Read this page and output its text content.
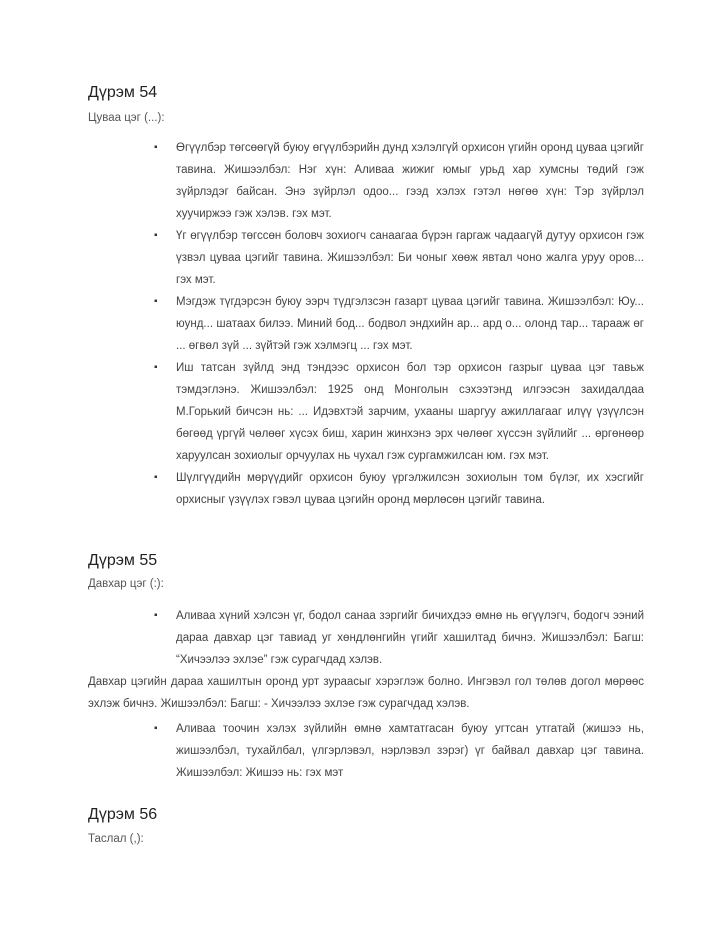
Дүрэм 54
Цуваа цэг (...):
▪ Өгүүлбэр төгсөөгүй буюу өгүүлбэрийн дунд хэлэлгүй орхисон үгийн оронд цуваа цэгийг тавина. Жишээлбэл: Нэг хүн: Аливаа жижиг юмыг урьд хар хумсны төдий гэж зүйрлэдэг байсан. Энэ зүйрлэл одоо... гээд хэлэх гэтэл нөгөө хүн: Тэр зүйрлэл хуучиржээ гэж хэлэв. гэх мэт.
▪ Үг өгүүлбэр төгссөн боловч зохиогч санаагаа бүрэн гаргаж чадаагүй дутуу орхисон гэж үзвэл цуваа цэгийг тавина. Жишээлбэл: Би чоныг хөөж явтал чоно жалга уруу оров... гэх мэт.
▪ Мэгдэж түгдэрсэн буюу ээрч түдгэлзсэн газарт цуваа цэгийг тавина. Жишээлбэл: Юу... юунд... шатаах билээ. Миний бод... бодвол эндхийн ар... ард о... олонд тар... тарааж өг ... өгвөл зүй ... зүйтэй гэж хэлмэгц ... гэх мэт.
▪ Иш татсан зүйлд энд тэндээс орхисон бол тэр орхисон газрыг цуваа цэг тавьж тэмдэглэнэ. Жишээлбэл: 1925 онд Монголын сэхээтэнд илгээсэн захидалдаа М.Горький бичсэн нь: ... Идэвхтэй зарчим, ухааны шаргуу ажиллагааг илүү үзүүлсэн бөгөөд үргүй чөлөөг хүсэх биш, харин жинхэнэ эрх чөлөөг хүссэн зүйлийг ... өргөнөөр харуулсан зохиолыг орчуулах нь чухал гэж сургамжилсан юм. гэх мэт.
▪ Шүлгүүдийн мөрүүдийг орхисон буюу үргэлжилсэн зохиолын том бүлэг, их хэсгийг орхисныг үзүүлэх гэвэл цуваа цэгийн оронд мөрлөсөн цэгийг тавина.
Дүрэм 55
Давхар цэг (:):
▪ Аливаа хүний хэлсэн үг, бодол санаа зэргийг бичихдээ өмнө нь өгүүлэгч, бодогч ээний дараа давхар цэг тавиад уг хөндлөнгийн үгийг хашилтад бичнэ. Жишээлбэл: Багш: “Хичээлээ эхлэе” гэж сурагчдад хэлэв.
Давхар цэгийн дараа хашилтын оронд урт зураасыг хэрэглэж болно. Ингэвэл гол төлөв догол мөрөөс эхлэж бичнэ. Жишээлбэл: Багш: - Хичээлээ эхлэе гэж сурагчдад хэлэв.
▪ Аливаа тоочин хэлэх зүйлийн өмнө хамтатгасан буюу угтсан утгатай (жишээ нь, жишээлбэл, тухайлбал, үлгэрлэвэл, нэрлэвэл зэрэг) үг байвал давхар цэг тавина. Жишээлбэл: Жишээ нь: гэх мэт
Дүрэм 56
Таслал (,):
